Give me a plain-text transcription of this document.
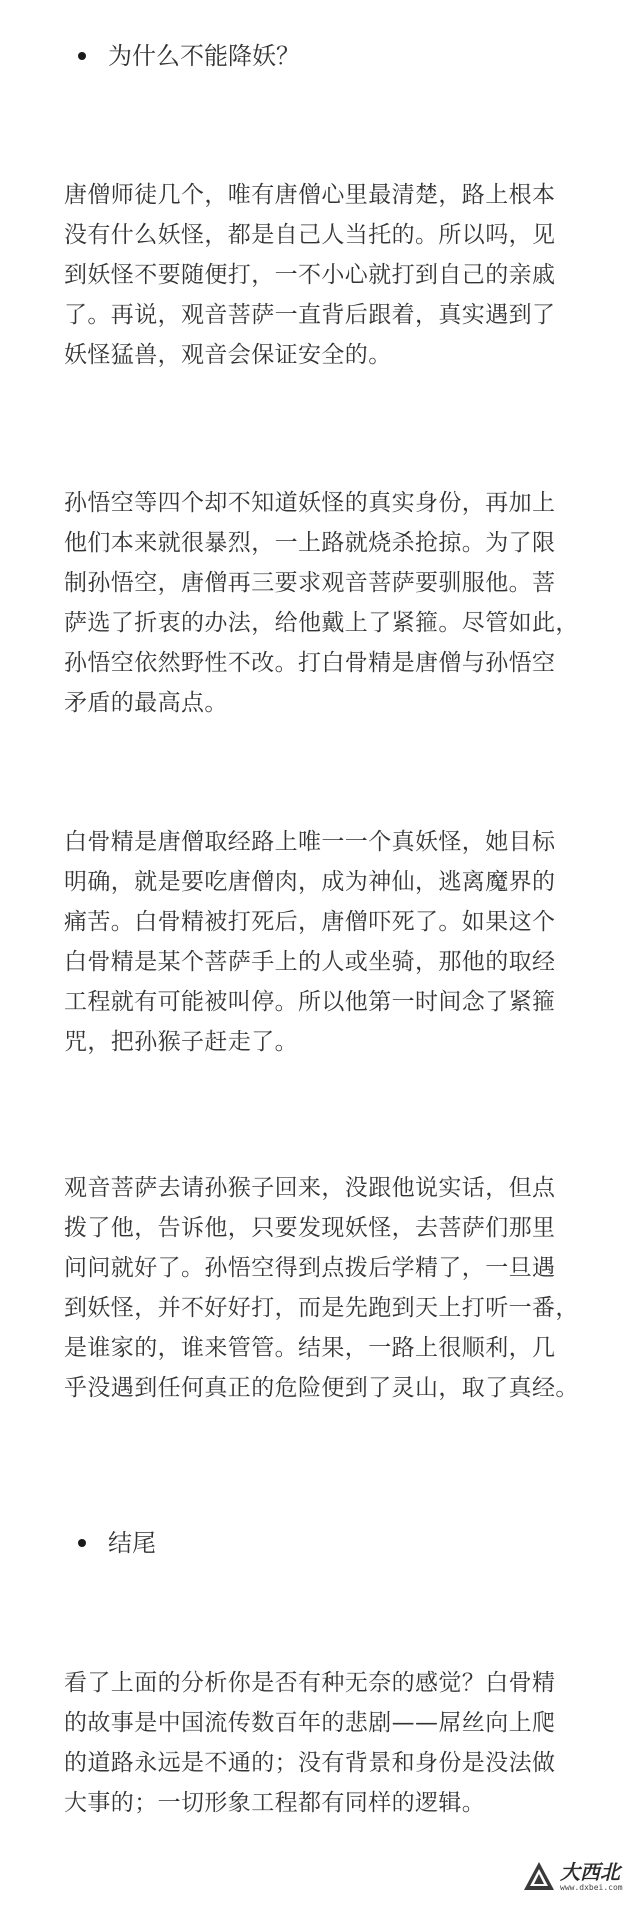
为什么不能降妖？
唐僧师徒几个，唯有唐僧心里最清楚，路上根本
没有什么妖怪，都是自己人当托的。所以吗，见
到妖怪不要随便打，一不小心就打到自己的亲戚
了。再说，观音菩萨一直背后跟着，真实遇到了
妖怪猛兽，观音会保证安全的。
孙悟空等四个却不知道妖怪的真实身份，再加上
他们本来就很暴烈，一上路就烧杀抢掠。为了限
制孙悟空，唐僧再三要求观音菩萨要驯服他。菩
萨选了折衷的办法，给他戴上了紧箍。尽管如此，
孙悟空依然野性不改。打白骨精是唐僧与孙悟空
矛盾的最高点。
白骨精是唐僧取经路上唯一一个真妖怪，她目标
明确，就是要吃唐僧肉，成为神仙，逃离魔界的
痛苦。白骨精被打死后，唐僧吓死了。如果这个
白骨精是某个菩萨手上的人或坐骑，那他的取经
工程就有可能被叫停。所以他第一时间念了紧箍
咒，把孙猴子赶走了。
观音菩萨去请孙猴子回来，没跟他说实话，但点
拨了他，告诉他，只要发现妖怪，去菩萨们那里
问问就好了。孙悟空得到点拨后学精了，一旦遇
到妖怪，并不好好打，而是先跑到天上打听一番，
是谁家的，谁来管管。结果，一路上很顺利，几
乎没遇到任何真正的危险便到了灵山，取了真经。
结尾
看了上面的分析你是否有种无奈的感觉？白骨精
的故事是中国流传数百年的悲剧——屌丝向上爬
的道路永远是不通的；没有背景和身份是没法做
大事的；一切形象工程都有同样的逻辑。
大西北
www.dxbei.com
